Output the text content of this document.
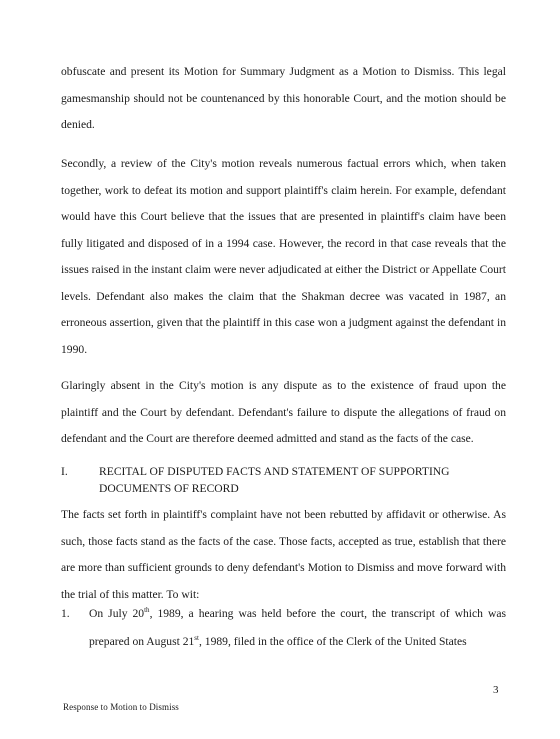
obfuscate and present its Motion for Summary Judgment as a Motion to Dismiss. This legal gamesmanship should not be countenanced by this honorable Court, and the motion should be denied.

Secondly, a review of the City's motion reveals numerous factual errors which, when taken together, work to defeat its motion and support plaintiff's claim herein. For example, defendant would have this Court believe that the issues that are presented in plaintiff's claim have been fully litigated and disposed of in a 1994 case. However, the record in that case reveals that the issues raised in the instant claim were never adjudicated at either the District or Appellate Court levels. Defendant also makes the claim that the Shakman decree was vacated in 1987, an erroneous assertion, given that the plaintiff in this case won a judgment against the defendant in 1990.

Glaringly absent in the City's motion is any dispute as to the existence of fraud upon the plaintiff and the Court by defendant. Defendant's failure to dispute the allegations of fraud on defendant and the Court are therefore deemed admitted and stand as the facts of the case.

I.	RECITAL OF DISPUTED FACTS AND STATEMENT OF SUPPORTING DOCUMENTS OF RECORD

The facts set forth in plaintiff's complaint have not been rebutted by affidavit or otherwise. As such, those facts stand as the facts of the case. Those facts, accepted as true, establish that there are more than sufficient grounds to deny defendant's Motion to Dismiss and move forward with the trial of this matter. To wit:

1. On July 20th, 1989, a hearing was held before the court, the transcript of which was prepared on August 21st, 1989, filed in the office of the Clerk of the United States
3
Response to Motion to Dismiss
